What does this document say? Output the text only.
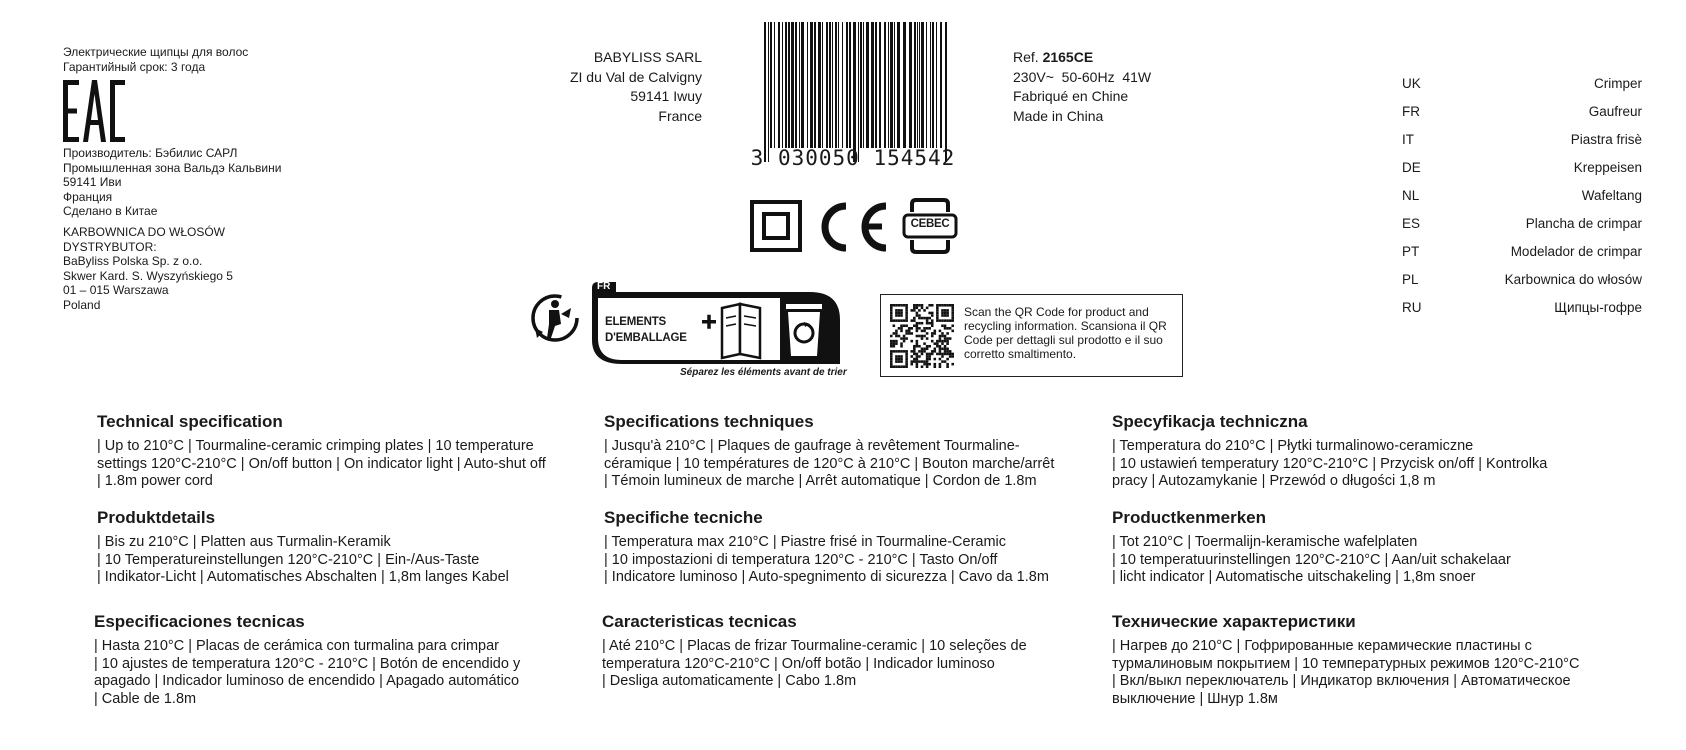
Электрические щипцы для волос
Гарантийный срок: 3 года
Производитель: Бэбилис САРЛ
Промышленная зона Вальдэ Кальвини
59141 Иви
Франция
Сделано в Китае
KARBOWNICA DO WŁOSÓW
DYSTRYBUTOR:
BaByliss Polska Sp. z o.o.
Skwer Kard. S. Wyszyńskiego 5
01 – 015 Warszawa
Poland
BABYLISS SARL
ZI du Val de Calvigny
59141 Iwuy
France
3 030050 154542
Ref. 2165CE
230V~  50-60Hz  41W
Fabriqué en Chine
Made in China
CEBEC
FR
ELEMENTS
D'EMBALLAGE
Séparez les éléments avant de trier
Scan the QR Code for product and
recycling information. Scansiona il QR
Code per dettagli sul prodotto e il suo
corretto smaltimento.
UK	Crimper
FR	Gaufreur
IT	Piastra frisè
DE	Kreppeisen
NL	Wafeltang
ES	Plancha de crimpar
PT	Modelador de crimpar
PL	Karbownica do włosów
RU	Щипцы-гофре
Technical specification
| Up to 210°C | Tourmaline-ceramic crimping plates | 10 temperature
settings 120°C-210°C | On/off button | On indicator light | Auto-shut off
| 1.8m power cord
Specifications techniques
| Jusqu'à 210°C | Plaques de gaufrage à revêtement Tourmaline-
céramique | 10 températures de 120°C à 210°C | Bouton marche/arrêt
| Témoin lumineux de marche | Arrêt automatique | Cordon de 1.8m
Specyfikacja techniczna
| Temperatura do 210°C | Płytki turmalinowo-ceramiczne
| 10 ustawień temperatury 120°C-210°C | Przycisk on/off | Kontrolka
pracy | Autozamykanie | Przewód o długości 1,8 m
Produktdetails
| Bis zu 210°C | Platten aus Turmalin-Keramik
| 10 Temperatureinstellungen 120°C-210°C | Ein-/Aus-Taste
| Indikator-Licht | Automatisches Abschalten | 1,8m langes Kabel
Specifiche tecniche
| Temperatura max 210°C | Piastre frisé in Tourmaline-Ceramic
| 10 impostazioni di temperatura 120°C - 210°C | Tasto On/off
| Indicatore luminoso | Auto-spegnimento di sicurezza | Cavo da 1.8m
Productkenmerken
| Tot 210°C | Toermalijn-keramische wafelplaten
| 10 temperatuurinstellingen 120°C-210°C | Aan/uit schakelaar
| licht indicator | Automatische uitschakeling | 1,8m snoer
Especificaciones tecnicas
| Hasta 210°C | Placas de cerámica con turmalina para crimpar
| 10 ajustes de temperatura 120°C - 210°C | Botón de encendido y
apagado | Indicador luminoso de encendido | Apagado automático
| Cable de 1.8m
Caracteristicas tecnicas
| Até 210°C | Placas de frizar Tourmaline-ceramic | 10 seleções de
temperatura 120°C-210°C | On/off botão | Indicador luminoso
| Desliga automaticamente | Cabo 1.8m
Технические характеристики
| Нагрев до 210°C | Гофрированные керамические пластины с
турмалиновым покрытием | 10 температурных режимов 120°C-210°C
| Вкл/выкл переключатель | Индикатор включения | Автоматическое
выключение | Шнур 1.8м
